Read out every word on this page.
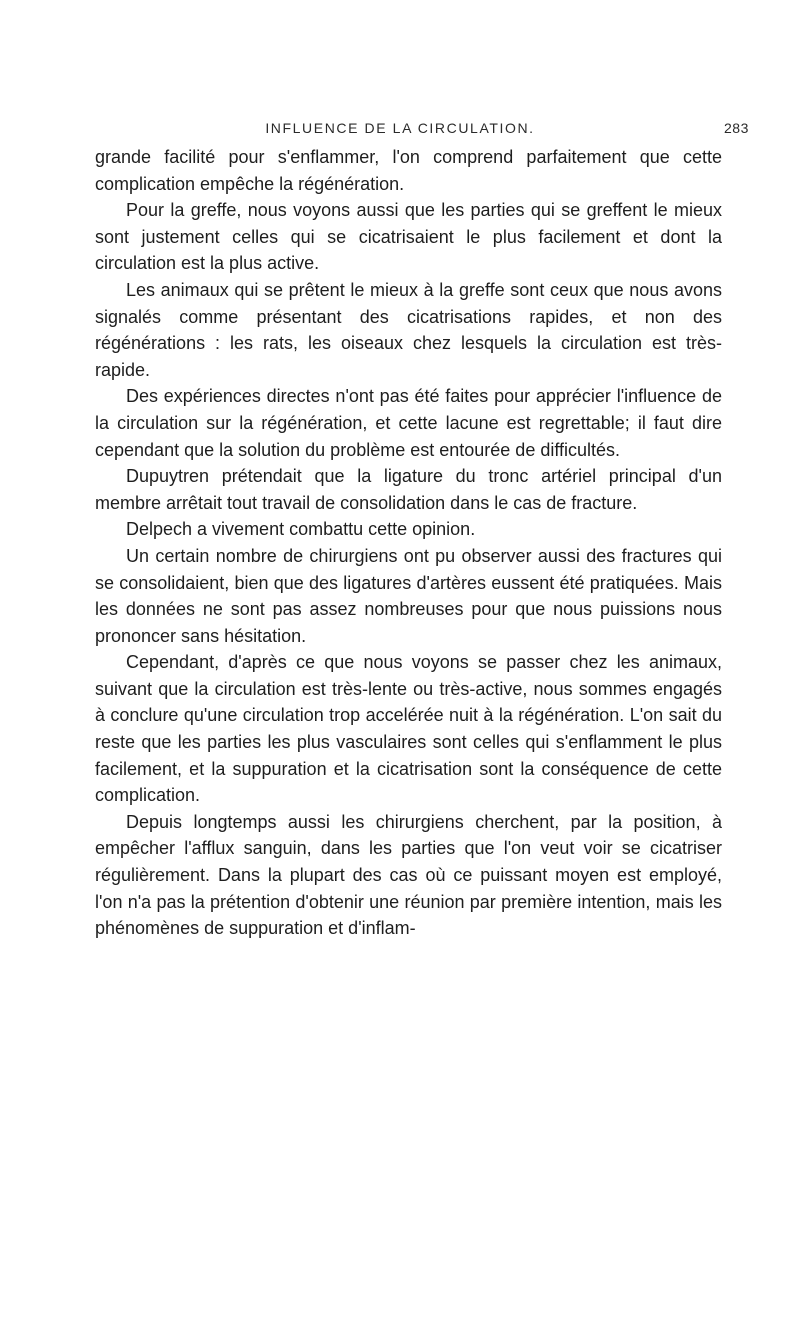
INFLUENCE DE LA CIRCULATION.	283

grande facilité pour s'enflammer, l'on comprend parfaitement que cette complication empêche la régénération.

Pour la greffe, nous voyons aussi que les parties qui se greffent le mieux sont justement celles qui se cicatrisaient le plus facilement et dont la circulation est la plus active.

Les animaux qui se prêtent le mieux à la greffe sont ceux que nous avons signalés comme présentant des cicatrisations rapides, et non des régénérations : les rats, les oiseaux chez lesquels la circulation est très-rapide.

Des expériences directes n'ont pas été faites pour apprécier l'influence de la circulation sur la régénération, et cette lacune est regrettable; il faut dire cependant que la solution du problème est entourée de difficultés.

Dupuytren prétendait que la ligature du tronc artériel principal d'un membre arrêtait tout travail de consolidation dans le cas de fracture.

Delpech a vivement combattu cette opinion.

Un certain nombre de chirurgiens ont pu observer aussi des fractures qui se consolidaient, bien que des ligatures d'artères eussent été pratiquées. Mais les données ne sont pas assez nombreuses pour que nous puissions nous prononcer sans hésitation.

Cependant, d'après ce que nous voyons se passer chez les animaux, suivant que la circulation est très-lente ou très-active, nous sommes engagés à conclure qu'une circulation trop accelérée nuit à la régénération. L'on sait du reste que les parties les plus vasculaires sont celles qui s'enflamment le plus facilement, et la suppuration et la cicatrisation sont la conséquence de cette complication.

Depuis longtemps aussi les chirurgiens cherchent, par la position, à empêcher l'afflux sanguin, dans les parties que l'on veut voir se cicatriser régulièrement. Dans la plupart des cas où ce puissant moyen est employé, l'on n'a pas la prétention d'obtenir une réunion par première intention, mais les phénomènes de suppuration et d'inflam-
